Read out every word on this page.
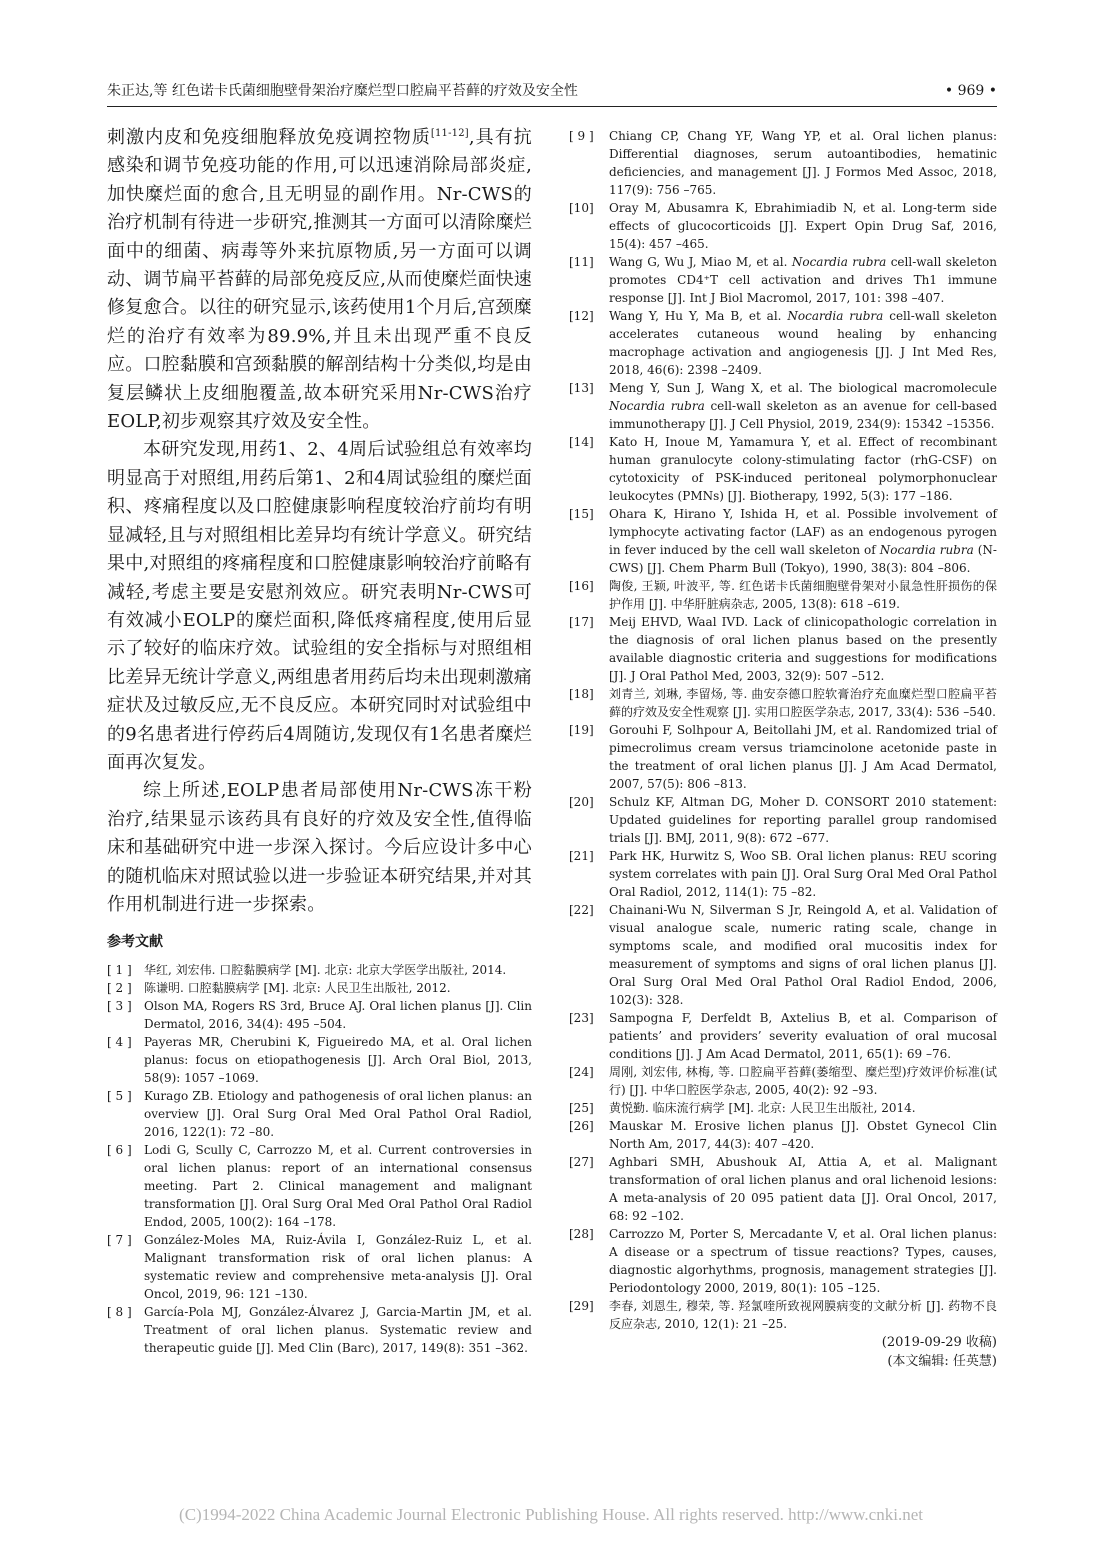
朱正达,等 红色诺卡氏菌细胞壁骨架治疗糜烂型口腔扁平苔藓的疗效及安全性	• 969 •

刺激内皮和免疫细胞释放免疫调控物质[11-12],具有抗感染和调节免疫功能的作用,可以迅速消除局部炎症,加快糜烂面的愈合,且无明显的副作用。Nr-CWS的治疗机制有待进一步研究,推测其一方面可以清除糜烂面中的细菌、病毒等外来抗原物质,另一方面可以调动、调节扁平苔藓的局部免疫反应,从而使糜烂面快速修复愈合。以往的研究显示,该药使用1个月后,宫颈糜烂的治疗有效率为89.9%,并且未出现严重不良反应。口腔黏膜和宫颈黏膜的解剖结构十分类似,均是由复层鳞状上皮细胞覆盖,故本研究采用Nr-CWS治疗EOLP,初步观察其疗效及安全性。

本研究发现,用药1、2、4周后试验组总有效率均明显高于对照组,用药后第1、2和4周试验组的糜烂面积、疼痛程度以及口腔健康影响程度较治疗前均有明显减轻,且与对照组相比差异均有统计学意义。研究结果中,对照组的疼痛程度和口腔健康影响较治疗前略有减轻,考虑主要是安慰剂效应。研究表明Nr-CWS可有效减小EOLP的糜烂面积,降低疼痛程度,使用后显示了较好的临床疗效。试验组的安全指标与对照组相比差异无统计学意义,两组患者用药后均未出现刺激痛症状及过敏反应,无不良反应。本研究同时对试验组中的9名患者进行停药后4周随访,发现仅有1名患者糜烂面再次复发。

综上所述,EOLP患者局部使用Nr-CWS冻干粉治疗,结果显示该药具有良好的疗效及安全性,值得临床和基础研究中进一步深入探讨。今后应设计多中心的随机临床对照试验以进一步验证本研究结果,并对其作用机制进行进一步探索。

参考文献

[ 1 ] 华红, 刘宏伟. 口腔黏膜病学 [M]. 北京: 北京大学医学出版社, 2014.

[ 2 ] 陈谦明. 口腔黏膜病学 [M]. 北京: 人民卫生出版社, 2012.

[ 3 ] Olson MA, Rogers RS 3rd, Bruce AJ. Oral lichen planus [J]. Clin Dermatol, 2016, 34(4): 495 –504.

[ 4 ] Payeras MR, Cherubini K, Figueiredo MA, et al. Oral lichen planus: focus on etiopathogenesis [J]. Arch Oral Biol, 2013, 58(9): 1057 –1069.

[ 5 ] Kurago ZB. Etiology and pathogenesis of oral lichen planus: an overview [J]. Oral Surg Oral Med Oral Pathol Oral Radiol, 2016, 122(1): 72 –80.

[ 6 ] Lodi G, Scully C, Carrozzo M, et al. Current controversies in oral lichen planus: report of an international consensus meeting. Part 2. Clinical management and malignant transformation [J]. Oral Surg Oral Med Oral Pathol Oral Radiol Endod, 2005, 100(2): 164 –178.

[ 7 ] González-Moles MA, Ruiz-Ávila I, González-Ruiz L, et al. Malignant transformation risk of oral lichen planus: A systematic review and comprehensive meta-analysis [J]. Oral Oncol, 2019, 96: 121 –130.

[ 8 ] García-Pola MJ, González-Álvarez J, Garcia-Martin JM, et al. Treatment of oral lichen planus. Systematic review and therapeutic guide [J]. Med Clin (Barc), 2017, 149(8): 351 –362.

[ 9 ] Chiang CP, Chang YF, Wang YP, et al. Oral lichen planus: Differential diagnoses, serum autoantibodies, hematinic deficiencies, and management [J]. J Formos Med Assoc, 2018, 117(9): 756 –765.

[10] Oray M, Abusamra K, Ebrahimiadib N, et al. Long-term side effects of glucocorticoids [J]. Expert Opin Drug Saf, 2016, 15(4): 457 –465.

[11] Wang G, Wu J, Miao M, et al. Nocardia rubra cell-wall skeleton promotes CD4⁺T cell activation and drives Th1 immune response [J]. Int J Biol Macromol, 2017, 101: 398 –407.

[12] Wang Y, Hu Y, Ma B, et al. Nocardia rubra cell-wall skeleton accelerates cutaneous wound healing by enhancing macrophage activation and angiogenesis [J]. J Int Med Res, 2018, 46(6): 2398 –2409.

[13] Meng Y, Sun J, Wang X, et al. The biological macromolecule Nocardia rubra cell-wall skeleton as an avenue for cell-based immunotherapy [J]. J Cell Physiol, 2019, 234(9): 15342 –15356.

[14] Kato H, Inoue M, Yamamura Y, et al. Effect of recombinant human granulocyte colony-stimulating factor (rhG-CSF) on cytotoxicity of PSK-induced peritoneal polymorphonuclear leukocytes (PMNs) [J]. Biotherapy, 1992, 5(3): 177 –186.

[15] Ohara K, Hirano Y, Ishida H, et al. Possible involvement of lymphocyte activating factor (LAF) as an endogenous pyrogen in fever induced by the cell wall skeleton of Nocardia rubra (N-CWS) [J]. Chem Pharm Bull (Tokyo), 1990, 38(3): 804 –806.

[16] 陶俊, 王颖, 叶波平, 等. 红色诺卡氏菌细胞壁骨架对小鼠急性肝损伤的保护作用 [J]. 中华肝脏病杂志, 2005, 13(8): 618 –619.

[17] Meij EHVD, Waal IVD. Lack of clinicopathologic correlation in the diagnosis of oral lichen planus based on the presently available diagnostic criteria and suggestions for modifications [J]. J Oral Pathol Med, 2003, 32(9): 507 –512.

[18] 刘青兰, 刘琳, 李留炀, 等. 曲安奈德口腔软膏治疗充血糜烂型口腔扁平苔藓的疗效及安全性观察 [J]. 实用口腔医学杂志, 2017, 33(4): 536 –540.

[19] Gorouhi F, Solhpour A, Beitollahi JM, et al. Randomized trial of pimecrolimus cream versus triamcinolone acetonide paste in the treatment of oral lichen planus [J]. J Am Acad Dermatol, 2007, 57(5): 806 –813.

[20] Schulz KF, Altman DG, Moher D. CONSORT 2010 statement: Updated guidelines for reporting parallel group randomised trials [J]. BMJ, 2011, 9(8): 672 –677.

[21] Park HK, Hurwitz S, Woo SB. Oral lichen planus: REU scoring system correlates with pain [J]. Oral Surg Oral Med Oral Pathol Oral Radiol, 2012, 114(1): 75 –82.

[22] Chainani-Wu N, Silverman S Jr, Reingold A, et al. Validation of visual analogue scale, numeric rating scale, change in symptoms scale, and modified oral mucositis index for measurement of symptoms and signs of oral lichen planus [J]. Oral Surg Oral Med Oral Pathol Oral Radiol Endod, 2006, 102(3): 328.

[23] Sampogna F, Derfeldt B, Axtelius B, et al. Comparison of patients’ and providers’ severity evaluation of oral mucosal conditions [J]. J Am Acad Dermatol, 2011, 65(1): 69 –76.

[24] 周刚, 刘宏伟, 林梅, 等. 口腔扁平苔藓(萎缩型、糜烂型)疗效评价标准(试行) [J]. 中华口腔医学杂志, 2005, 40(2): 92 –93.

[25] 黄悦勤. 临床流行病学 [M]. 北京: 人民卫生出版社, 2014.

[26] Mauskar M. Erosive lichen planus [J]. Obstet Gynecol Clin North Am, 2017, 44(3): 407 –420.

[27] Aghbari SMH, Abushouk AI, Attia A, et al. Malignant transformation of oral lichen planus and oral lichenoid lesions: A meta-analysis of 20 095 patient data [J]. Oral Oncol, 2017, 68: 92 –102.

[28] Carrozzo M, Porter S, Mercadante V, et al. Oral lichen planus: A disease or a spectrum of tissue reactions? Types, causes, diagnostic algorhythms, prognosis, management strategies [J]. Periodontology 2000, 2019, 80(1): 105 –125.

[29] 李春, 刘恩生, 穆荣, 等. 羟氯喹所致视网膜病变的文献分析 [J]. 药物不良反应杂志, 2010, 12(1): 21 –25.

(2019-09-29 收稿)

(本文编辑: 任英慧)

(C)1994-2022 China Academic Journal Electronic Publishing House. All rights reserved. http://www.cnki.net
